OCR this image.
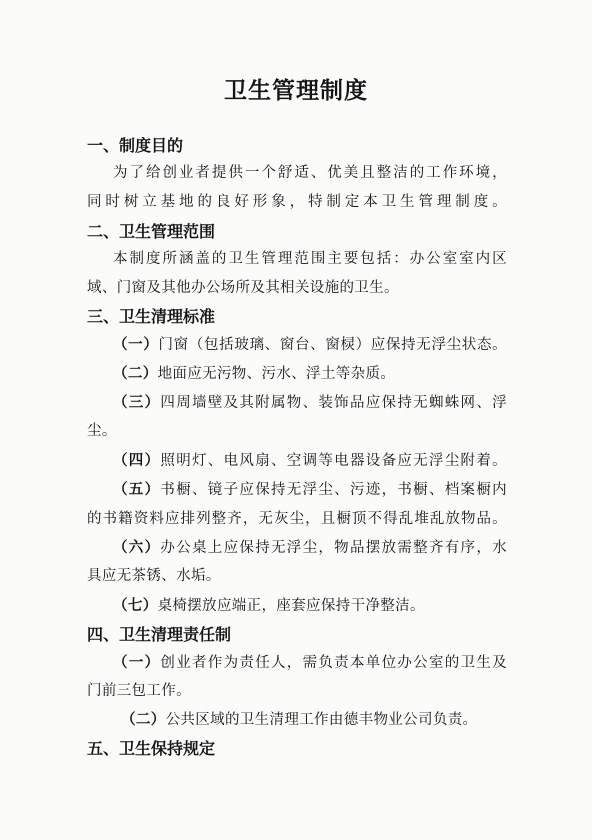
卫生管理制度
一、制度目的
为了给创业者提供一个舒适、优美且整洁的工作环境，
同时树立基地的良好形象，特制定本卫生管理制度。
二、卫生管理范围
本制度所涵盖的卫生管理范围主要包括：办公室室内区
域、门窗及其他办公场所及其相关设施的卫生。
三、卫生清理标准
（一）门窗（包括玻璃、窗台、窗棂）应保持无浮尘状态。
（二）地面应无污物、污水、浮土等杂质。
（三）四周墙壁及其附属物、装饰品应保持无蜘蛛网、浮
尘。
（四）照明灯、电风扇、空调等电器设备应无浮尘附着。
（五）书橱、镜子应保持无浮尘、污迹，书橱、档案橱内
的书籍资料应排列整齐，无灰尘，且橱顶不得乱堆乱放物品。
（六）办公桌上应保持无浮尘，物品摆放需整齐有序，水
具应无茶锈、水垢。
（七）桌椅摆放应端正，座套应保持干净整洁。
四、卫生清理责任制
（一）创业者作为责任人，需负责本单位办公室的卫生及
门前三包工作。
（二）公共区域的卫生清理工作由德丰物业公司负责。
五、卫生保持规定
